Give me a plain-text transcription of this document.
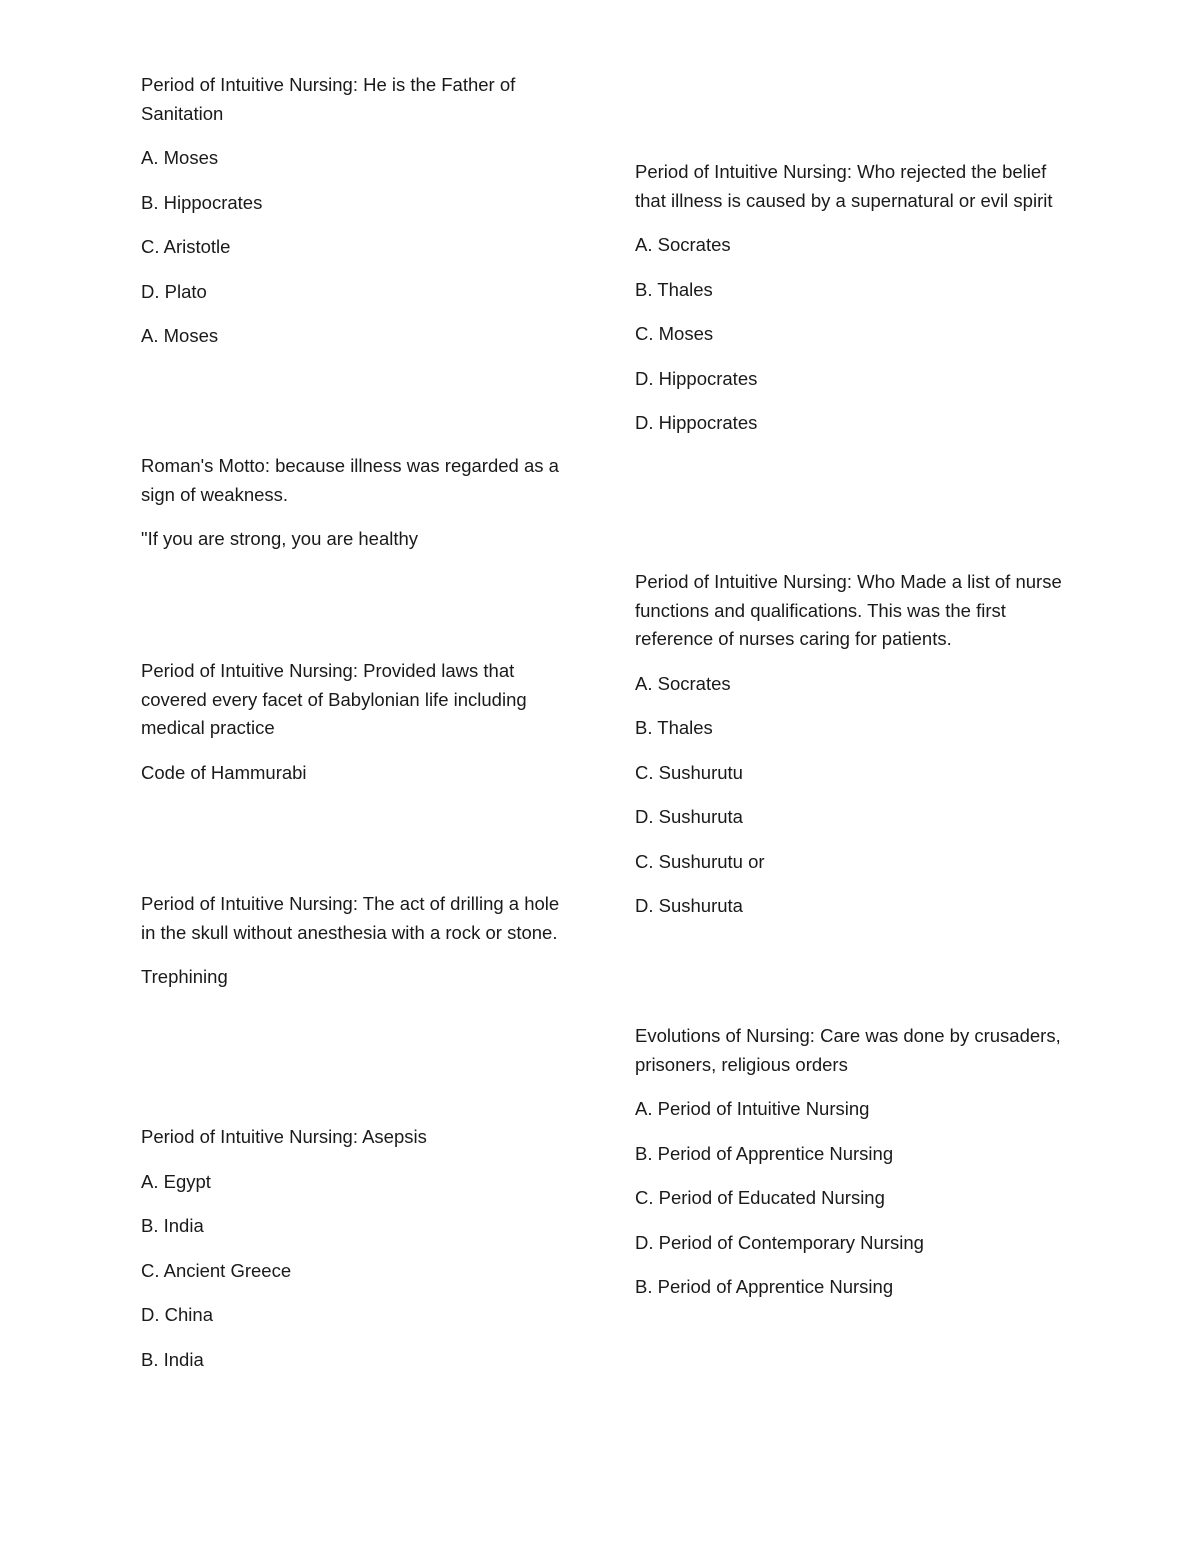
Period of Intuitive Nursing: He is the Father of Sanitation

A. Moses

B. Hippocrates

C. Aristotle

D. Plato

A. Moses

Roman's Motto: because illness was regarded as a sign of weakness.

"If you are strong, you are healthy

Period of Intuitive Nursing: Provided laws that covered every facet of Babylonian life including medical practice

Code of Hammurabi

Period of Intuitive Nursing: The act of drilling a hole in the skull without anesthesia with a rock or stone.

Trephining

Period of Intuitive Nursing: Asepsis

A. Egypt

B. India

C. Ancient Greece

D. China

B. India

Period of Intuitive Nursing: Who rejected the belief that illness is caused by a supernatural or evil spirit

A. Socrates

B. Thales

C. Moses

D. Hippocrates

D. Hippocrates

Period of Intuitive Nursing: Who Made a list of nurse functions and qualifications. This was the first reference of nurses caring for patients.

A. Socrates

B. Thales

C. Sushurutu

D. Sushuruta

C. Sushurutu or

D. Sushuruta

Evolutions of Nursing: Care was done by crusaders, prisoners, religious orders

A. Period of Intuitive Nursing

B. Period of Apprentice Nursing

C. Period of Educated Nursing

D. Period of Contemporary Nursing

B. Period of Apprentice Nursing
